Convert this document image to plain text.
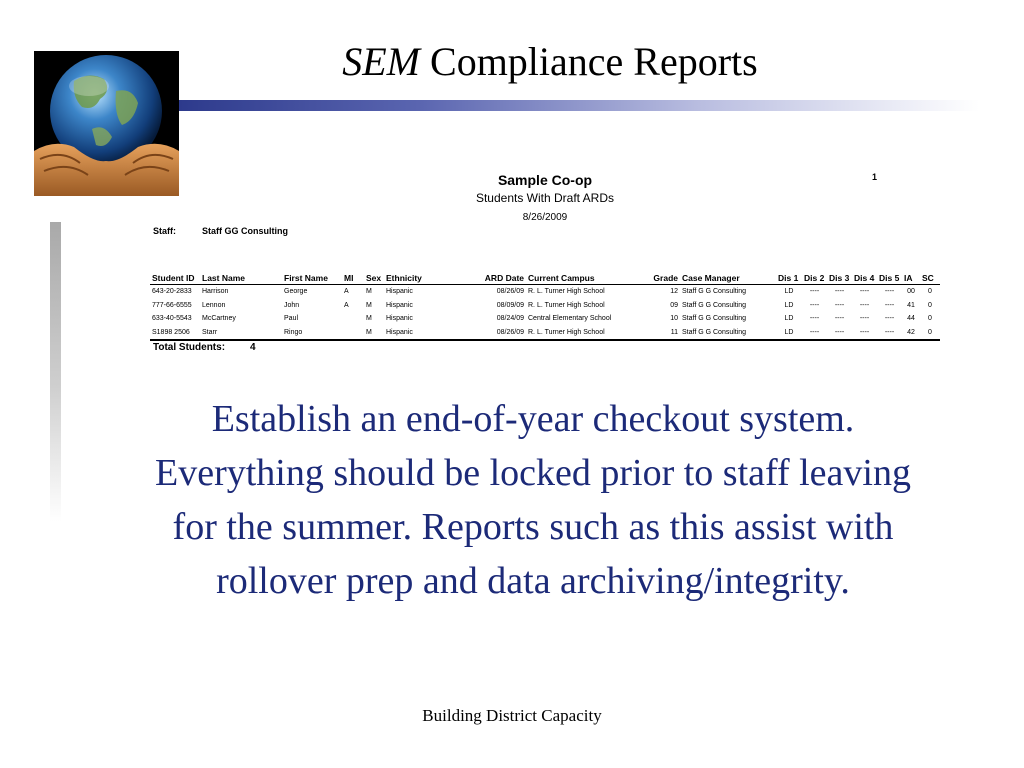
SEM Compliance Reports
Sample Co-op
Students With Draft ARDs
8/26/2009
1
Staff:	Staff GG Consulting
Student ID	Last Name	First Name	MI	Sex	Ethnicity	ARD Date	Current Campus	Grade	Case Manager	Dis 1	Dis 2	Dis 3	Dis 4	Dis 5	IA	SC
643-20-2833	Harrison	George	A	M	Hispanic	08/26/09	R. L. Turner High School	12	Staff G G Consulting	LD	----	----	----	----	00	0
777-66-6555	Lennon	John	A	M	Hispanic	08/09/09	R. L. Turner High School	09	Staff G G Consulting	LD	----	----	----	----	41	0
633-40-5543	McCartney	Paul		M	Hispanic	08/24/09	Central Elementary School	10	Staff G G Consulting	LD	----	----	----	----	44	0
S1898 2506	Starr	Ringo		M	Hispanic	08/26/09	R. L. Turner High School	11	Staff G G Consulting	LD	----	----	----	----	42	0
Total Students: 4
Establish an end-of-year checkout system. Everything should be locked prior to staff leaving for the summer. Reports such as this assist with rollover prep and data archiving/integrity.
Building District Capacity
